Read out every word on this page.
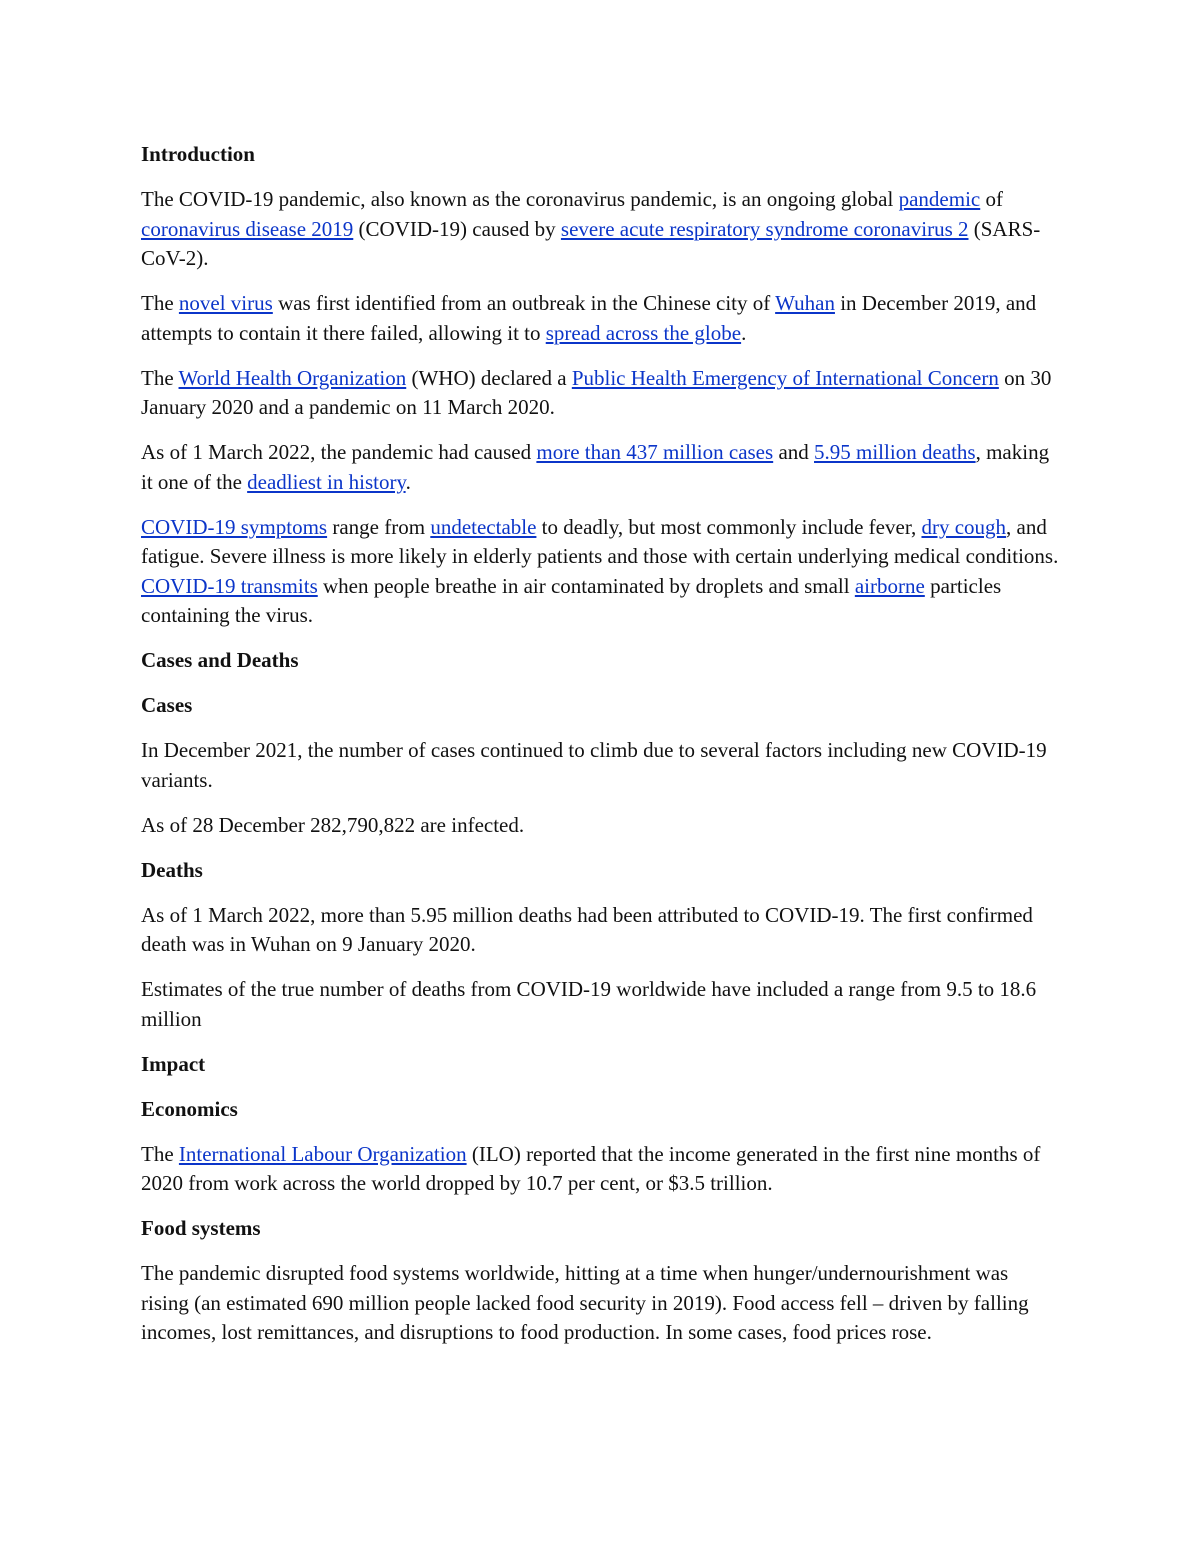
Introduction

The COVID-19 pandemic, also known as the coronavirus pandemic, is an ongoing global pandemic of coronavirus disease 2019 (COVID-19) caused by severe acute respiratory syndrome coronavirus 2 (SARS-CoV-2).

The novel virus was first identified from an outbreak in the Chinese city of Wuhan in December 2019, and attempts to contain it there failed, allowing it to spread across the globe.

The World Health Organization (WHO) declared a Public Health Emergency of International Concern on 30 January 2020 and a pandemic on 11 March 2020.

As of 1 March 2022, the pandemic had caused more than 437 million cases and 5.95 million deaths, making it one of the deadliest in history.

COVID-19 symptoms range from undetectable to deadly, but most commonly include fever, dry cough, and fatigue. Severe illness is more likely in elderly patients and those with certain underlying medical conditions. COVID-19 transmits when people breathe in air contaminated by droplets and small airborne particles containing the virus.

Cases and Deaths
Cases

In December 2021, the number of cases continued to climb due to several factors including new COVID-19 variants.

As of 28 December 282,790,822 are infected.

Deaths

As of 1 March 2022, more than 5.95 million deaths had been attributed to COVID-19. The first confirmed death was in Wuhan on 9 January 2020.

Estimates of the true number of deaths from COVID-19 worldwide have included a range from 9.5 to 18.6 million

Impact
Economics

The International Labour Organization (ILO) reported that the income generated in the first nine months of 2020 from work across the world dropped by 10.7 per cent, or $3.5 trillion.

Food systems

The pandemic disrupted food systems worldwide, hitting at a time when hunger/undernourishment was rising (an estimated 690 million people lacked food security in 2019). Food access fell – driven by falling incomes, lost remittances, and disruptions to food production. In some cases, food prices rose.
